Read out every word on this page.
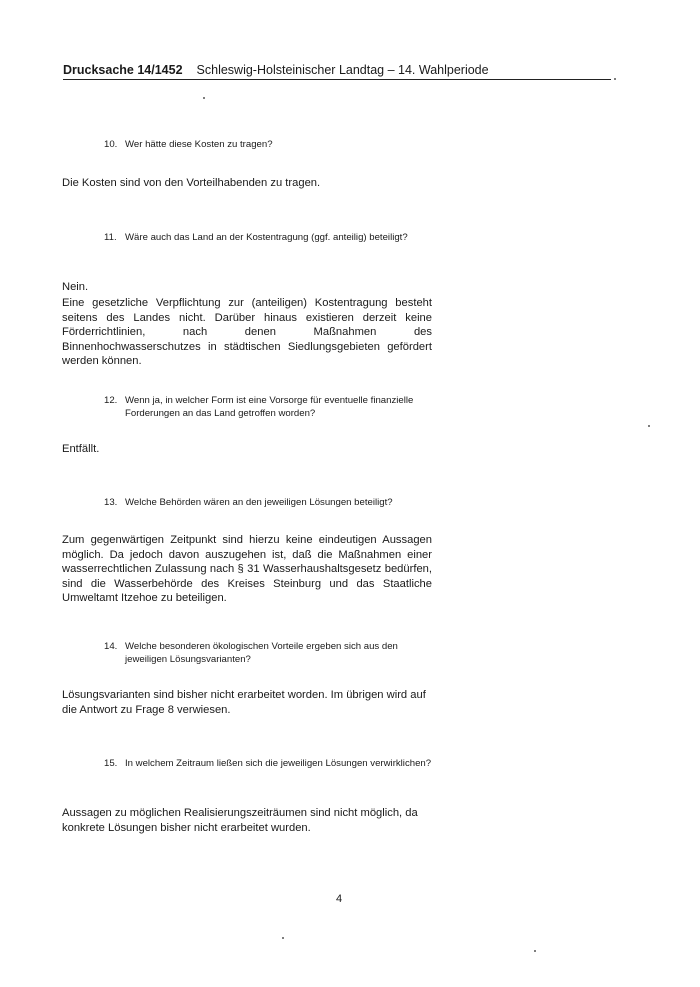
Drucksache 14/1452 Schleswig-Holsteinischer Landtag – 14. Wahlperiode
10. Wer hätte diese Kosten zu tragen?
Die Kosten sind von den Vorteilhabenden zu tragen.
11. Wäre auch das Land an der Kostentragung (ggf. anteilig) beteiligt?
Nein.
Eine gesetzliche Verpflichtung zur (anteiligen) Kostentragung besteht seitens des Landes nicht. Darüber hinaus existieren derzeit keine Förderrichtlinien, nach denen Maßnahmen des Binnenhochwasserschutzes in städtischen Siedlungsgebieten gefördert werden können.
12. Wenn ja, in welcher Form ist eine Vorsorge für eventuelle finanzielle Forderungen an das Land getroffen worden?
Entfällt.
13. Welche Behörden wären an den jeweiligen Lösungen beteiligt?
Zum gegenwärtigen Zeitpunkt sind hierzu keine eindeutigen Aussagen möglich. Da jedoch davon auszugehen ist, daß die Maßnahmen einer wasserrechtlichen Zulassung nach § 31 Wasserhaushaltsgesetz bedürfen, sind die Wasserbehörde des Kreises Steinburg und das Staatliche Umweltamt Itzehoe zu beteiligen.
14. Welche besonderen ökologischen Vorteile ergeben sich aus den jeweiligen Lösungsvarianten?
Lösungsvarianten sind bisher nicht erarbeitet worden. Im übrigen wird auf die Antwort zu Frage 8 verwiesen.
15. In welchem Zeitraum ließen sich die jeweiligen Lösungen verwirklichen?
Aussagen zu möglichen Realisierungszeiträumen sind nicht möglich, da konkrete Lösungen bisher nicht erarbeitet wurden.
4
